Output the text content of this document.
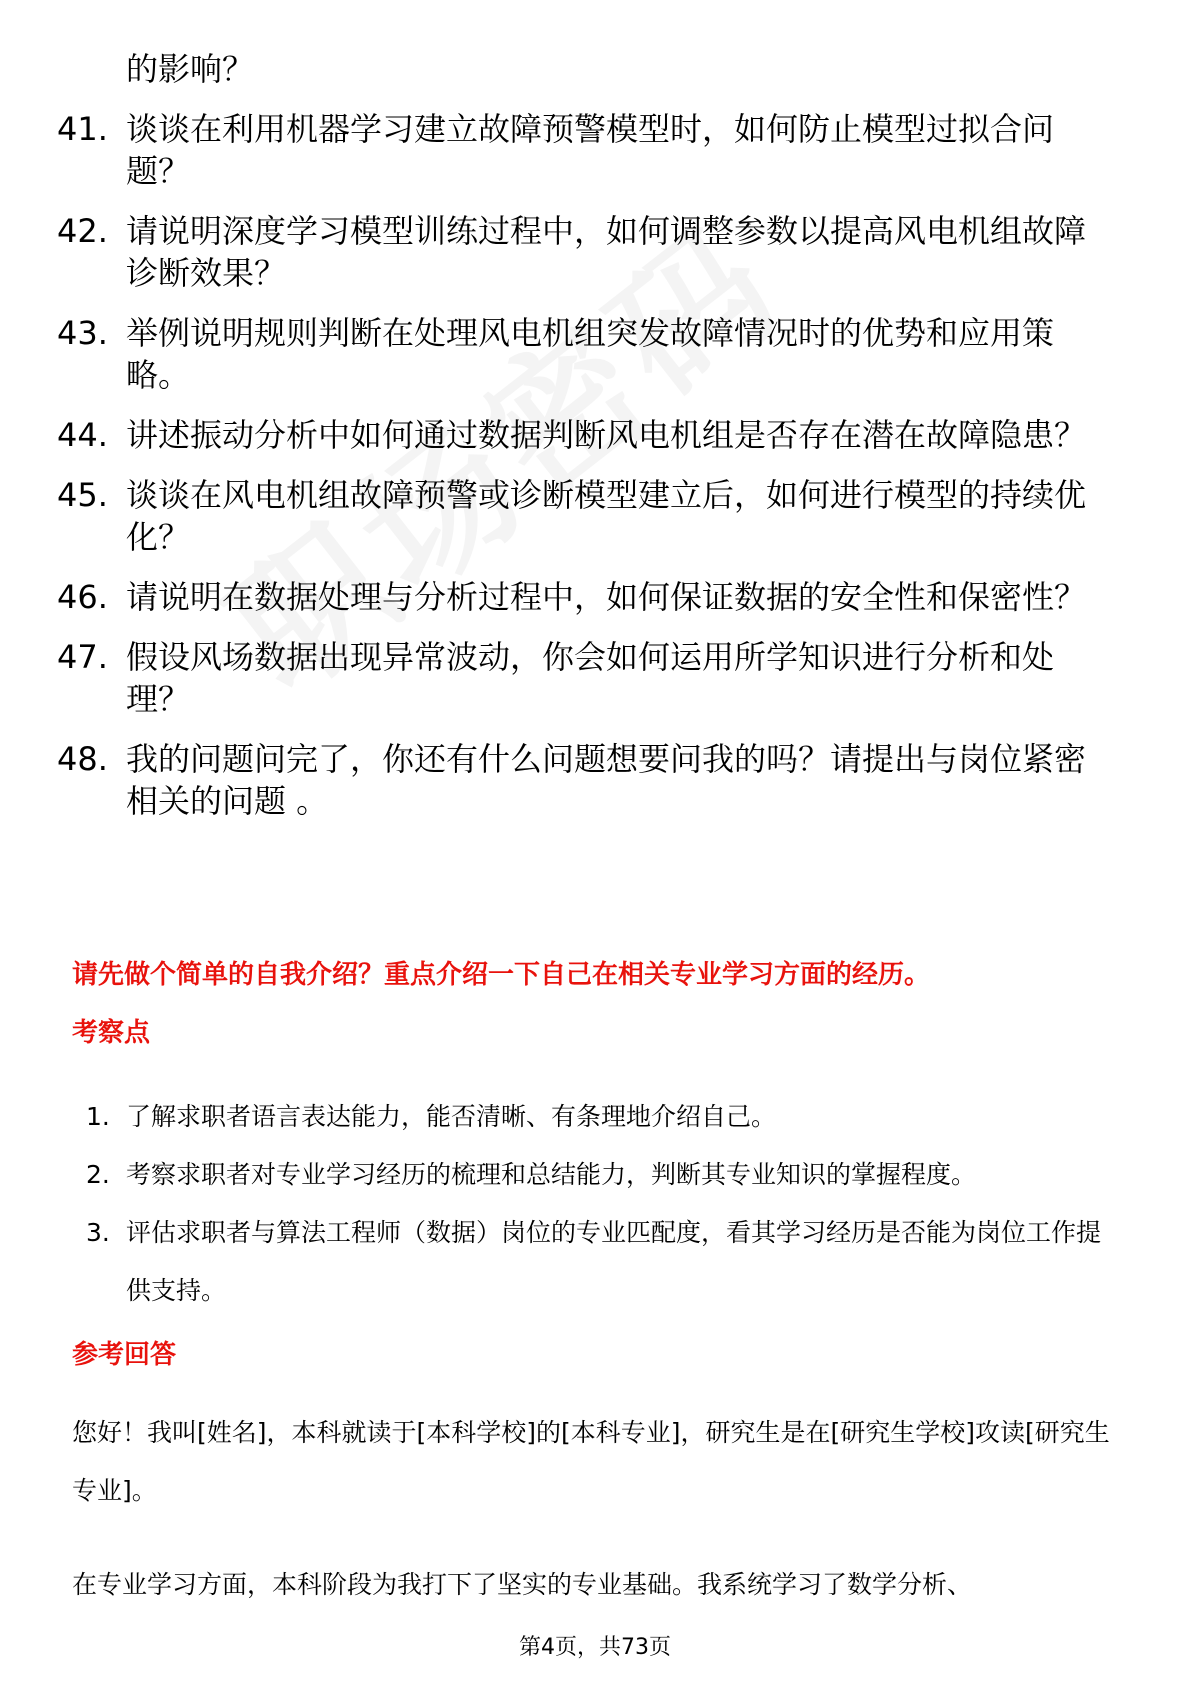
的影响？
41. 谈谈在利用机器学习建立故障预警模型时，如何防止模型过拟合问题？
42. 请说明深度学习模型训练过程中，如何调整参数以提高风电机组故障诊断效果？
43. 举例说明规则判断在处理风电机组突发故障情况时的优势和应用策略。
44. 讲述振动分析中如何通过数据判断风电机组是否存在潜在故障隐患？
45. 谈谈在风电机组故障预警或诊断模型建立后，如何进行模型的持续优化？
46. 请说明在数据处理与分析过程中，如何保证数据的安全性和保密性？
47. 假设风场数据出现异常波动，你会如何运用所学知识进行分析和处理？
48. 我的问题问完了，你还有什么问题想要问我的吗？请提出与岗位紧密相关的问题 。
请先做个简单的自我介绍？重点介绍一下自己在相关专业学习方面的经历。
考察点
1. 了解求职者语言表达能力，能否清晰、有条理地介绍自己。
2. 考察求职者对专业学习经历的梳理和总结能力，判断其专业知识的掌握程度。
3. 评估求职者与算法工程师（数据）岗位的专业匹配度，看其学习经历是否能为岗位工作提供支持。
参考回答
您好！我叫[姓名]，本科就读于[本科学校]的[本科专业]，研究生是在[研究生学校]攻读[研究生专业]。
在专业学习方面，本科阶段为我打下了坚实的专业基础。我系统学习了数学分析、
第4页，共73页
